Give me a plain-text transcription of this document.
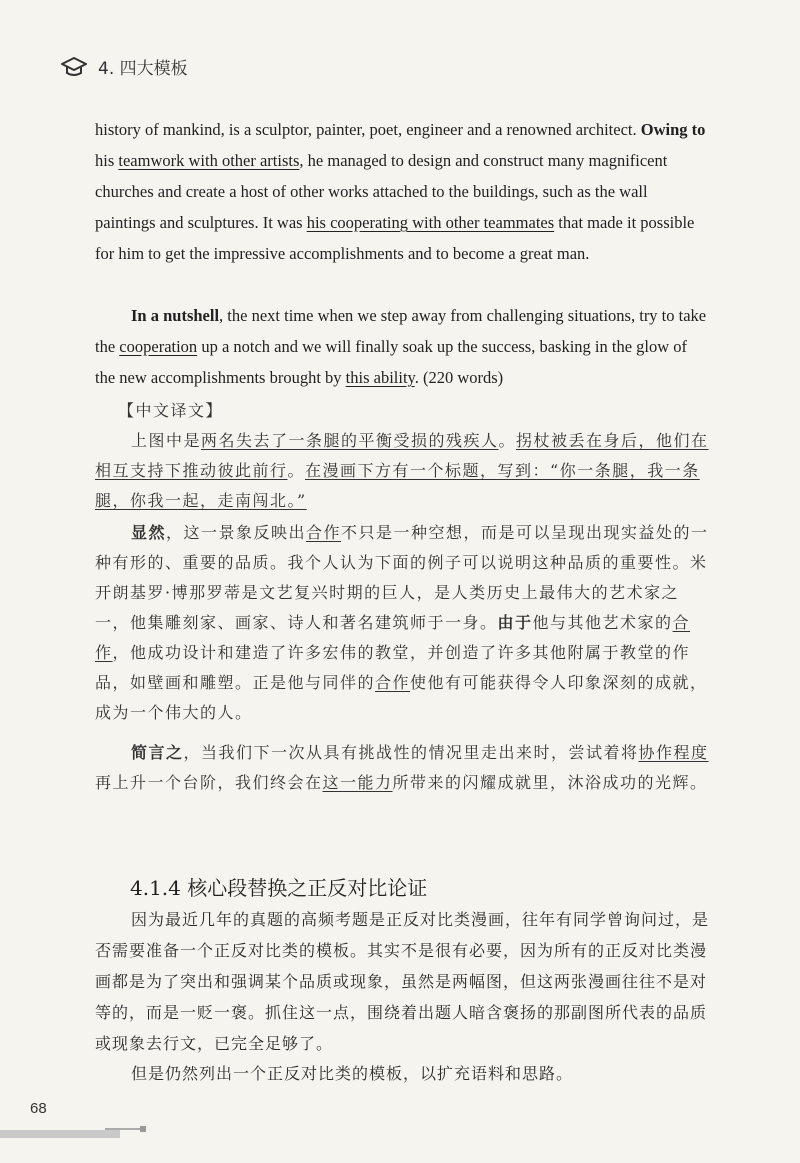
4. 四大模板
history of mankind, is a sculptor, painter, poet, engineer and a renowned architect. Owing to his teamwork with other artists, he managed to design and construct many magnificent churches and create a host of other works attached to the buildings, such as the wall paintings and sculptures. It was his cooperating with other teammates that made it possible for him to get the impressive accomplishments and to become a great man.
In a nutshell, the next time when we step away from challenging situations, try to take the cooperation up a notch and we will finally soak up the success, basking in the glow of the new accomplishments brought by this ability. (220 words)
【中文译文】
上图中是两名失去了一条腿的平衡受损的残疾人。拐杖被丢在身后，他们在相互支持下推动彼此前行。在漫画下方有一个标题，写到：“你一条腿，我一条腿，你我一起，走南闯北。”
显然，这一景象反映出合作不只是一种空想，而是可以呈现出现实益处的一种有形的、重要的品质。我个人认为下面的例子可以说明这种品质的重要性。米开朗基罗·博那罗蒂是文艺复兴时期的巨人，是人类历史上最伟大的艺术家之一，他集雕刻家、画家、诗人和著名建筑师于一身。由于他与其他艺术家的合作，他成功设计和建造了许多宏伟的教堂，并创造了许多其他附属于教堂的作品，如壁画和雕塑。正是他与同伴的合作使他有可能获得令人印象深刻的成就，成为一个伟大的人。
简言之，当我们下一次从具有挑战性的情况里走出来时，尝试着将协作程度再上升一个台阶，我们终会在这一能力所带来的闪耀成就里，沐浴成功的光辉。
4.1.4 核心段替换之正反对比论证
因为最近几年的真题的高频考题是正反对比类漫画，往年有同学曾询问过，是否需要准备一个正反对比类的模板。其实不是很有必要，因为所有的正反对比类漫画都是为了突出和强调某个品质或现象，虽然是两幅图，但这两张漫画往往不是对等的，而是一贬一褒。抓住这一点，围绕着出题人暗含褒扬的那副图所代表的品质或现象去行文，已完全足够了。
但是仍然列出一个正反对比类的模板，以扩充语料和思路。
68
